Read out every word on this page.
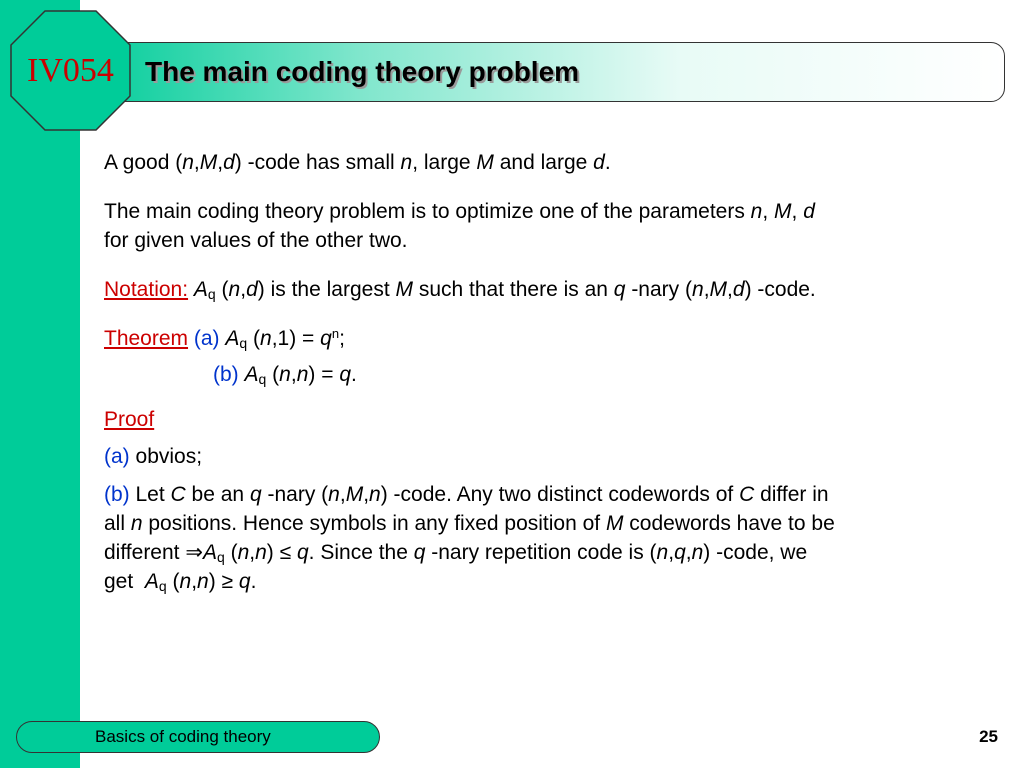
IV054	The main coding theory problem

A good (n,M,d) -code has small n, large M and large d.

The main coding theory problem is to optimize one of the parameters n, M, d
for given values of the other two.

Notation: $A_q$ (n,d) is the largest M such that there is an q -nary (n,M,d) -code.

Theorem (a) $A_q$ $(n,1) = q^n$;

(b) $A_q$ (n,n) = q.

Proof

(a) obvios;

(b) Let C be an q -nary (n,M,n) -code. Any two distinct codewords of C differ in
all n positions. Hence symbols in any fixed position of M codewords have to be
different $\Rightarrow A_q$ (n,n) ≤ q. Since the q -nary repetition code is (n,q,n) -code, we
get  $A_q$ (n,n) ≥ q.

Basics of coding theory	25
